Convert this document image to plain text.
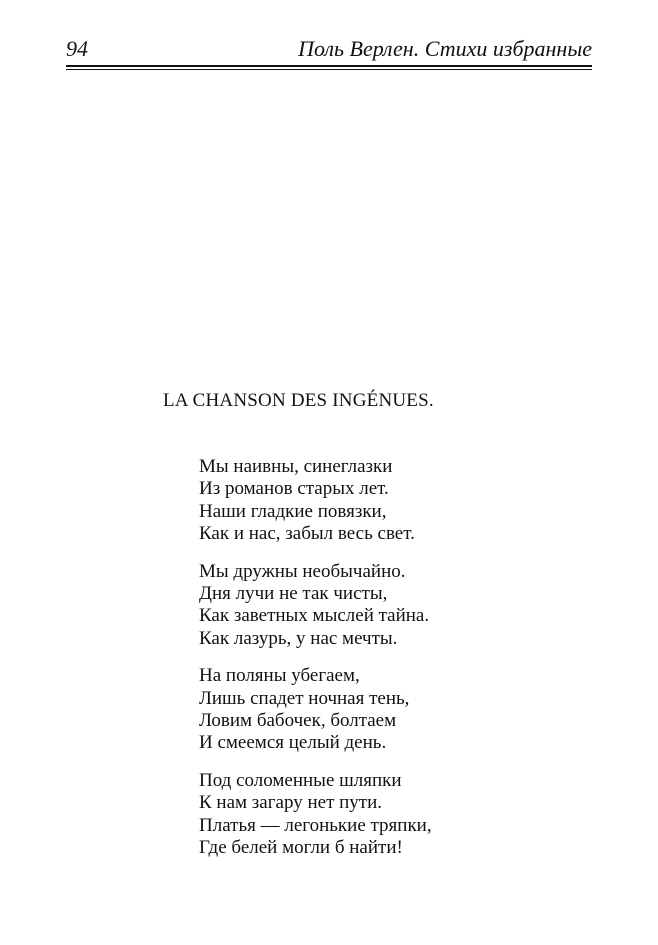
94	Поль Верлен. Стихи избранные
LA CHANSON DES INGÉNUES.
Мы наивны, синеглазки
Из романов старых лет.
Наши гладкие повязки,
Как и нас, забыл весь свет.
Мы дружны необычайно.
Дня лучи не так чисты,
Как заветных мыслей тайна.
Как лазурь, у нас мечты.
На поляны убегаем,
Лишь спадет ночная тень,
Ловим бабочек, болтаем
И смеемся целый день.
Под соломенные шляпки
К нам загару нет пути.
Платья — легонькие тряпки,
Где белей могли б найти!
